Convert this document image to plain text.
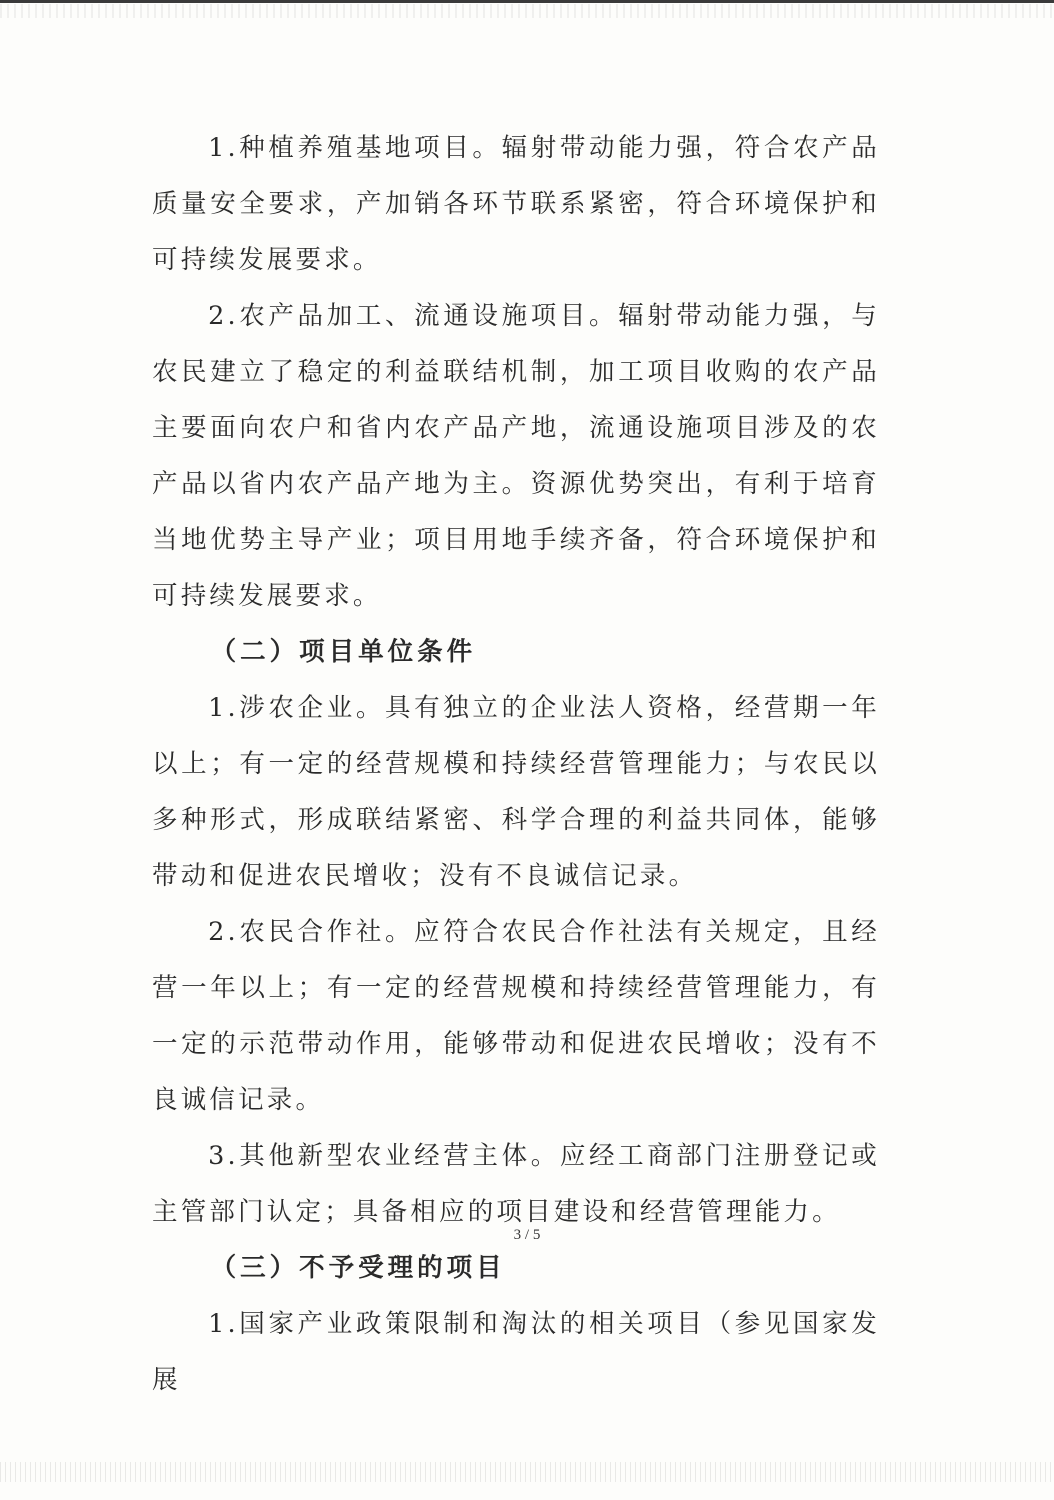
1.种植养殖基地项目。辐射带动能力强，符合农产品质量安全要求，产加销各环节联系紧密，符合环境保护和可持续发展要求。

2.农产品加工、流通设施项目。辐射带动能力强，与农民建立了稳定的利益联结机制，加工项目收购的农产品主要面向农户和省内农产品产地，流通设施项目涉及的农产品以省内农产品产地为主。资源优势突出，有利于培育当地优势主导产业；项目用地手续齐备，符合环境保护和可持续发展要求。

（二）项目单位条件

1.涉农企业。具有独立的企业法人资格，经营期一年以上；有一定的经营规模和持续经营管理能力；与农民以多种形式，形成联结紧密、科学合理的利益共同体，能够带动和促进农民增收；没有不良诚信记录。

2.农民合作社。应符合农民合作社法有关规定，且经营一年以上；有一定的经营规模和持续经营管理能力，有一定的示范带动作用，能够带动和促进农民增收；没有不良诚信记录。

3.其他新型农业经营主体。应经工商部门注册登记或主管部门认定；具备相应的项目建设和经营管理能力。

（三）不予受理的项目

1.国家产业政策限制和淘汰的相关项目（参见国家发展

3 / 5
